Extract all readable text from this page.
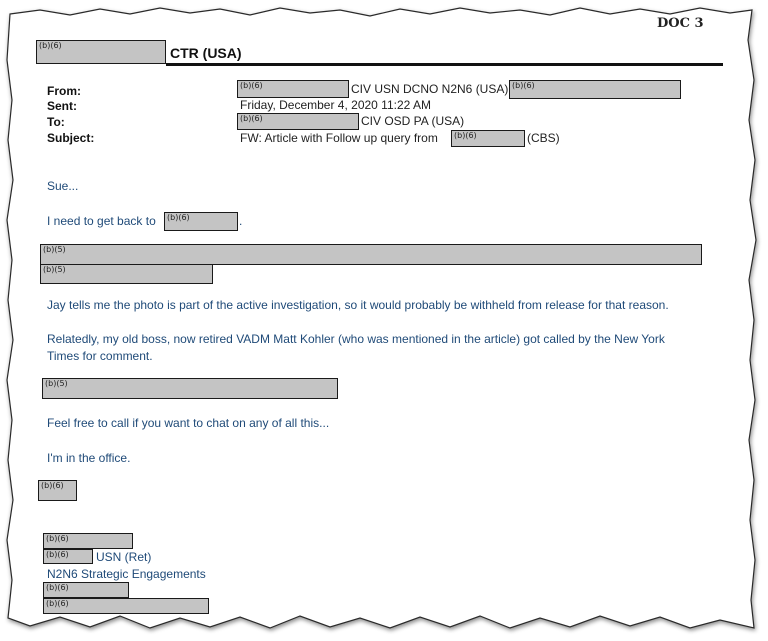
DOC 3
(b)(6)	CTR (USA)
From:	(b)(6)	CIV USN DCNO N2N6 (USA) (b)(6)
Sent:	Friday, December 4, 2020 11:22 AM
To:	(b)(6)	CIV OSD PA (USA)
Subject:	FW: Article with Follow up query from (b)(6)	(CBS)
Sue...
I need to get back to (b)(6)	.
(b)(5)
(b)(5)
Jay tells me the photo is part of the active investigation, so it would probably be withheld from release for that reason.
Relatedly, my old boss, now retired VADM Matt Kohler (who was mentioned in the article) got called by the New York
Times for comment.
(b)(5)
Feel free to call if you want to chat on any of all this...
I'm in the office.
(b)(6)
(b)(6)
(b)(6) USN (Ret)
N2N6 Strategic Engagements
(b)(6)
(b)(6)
